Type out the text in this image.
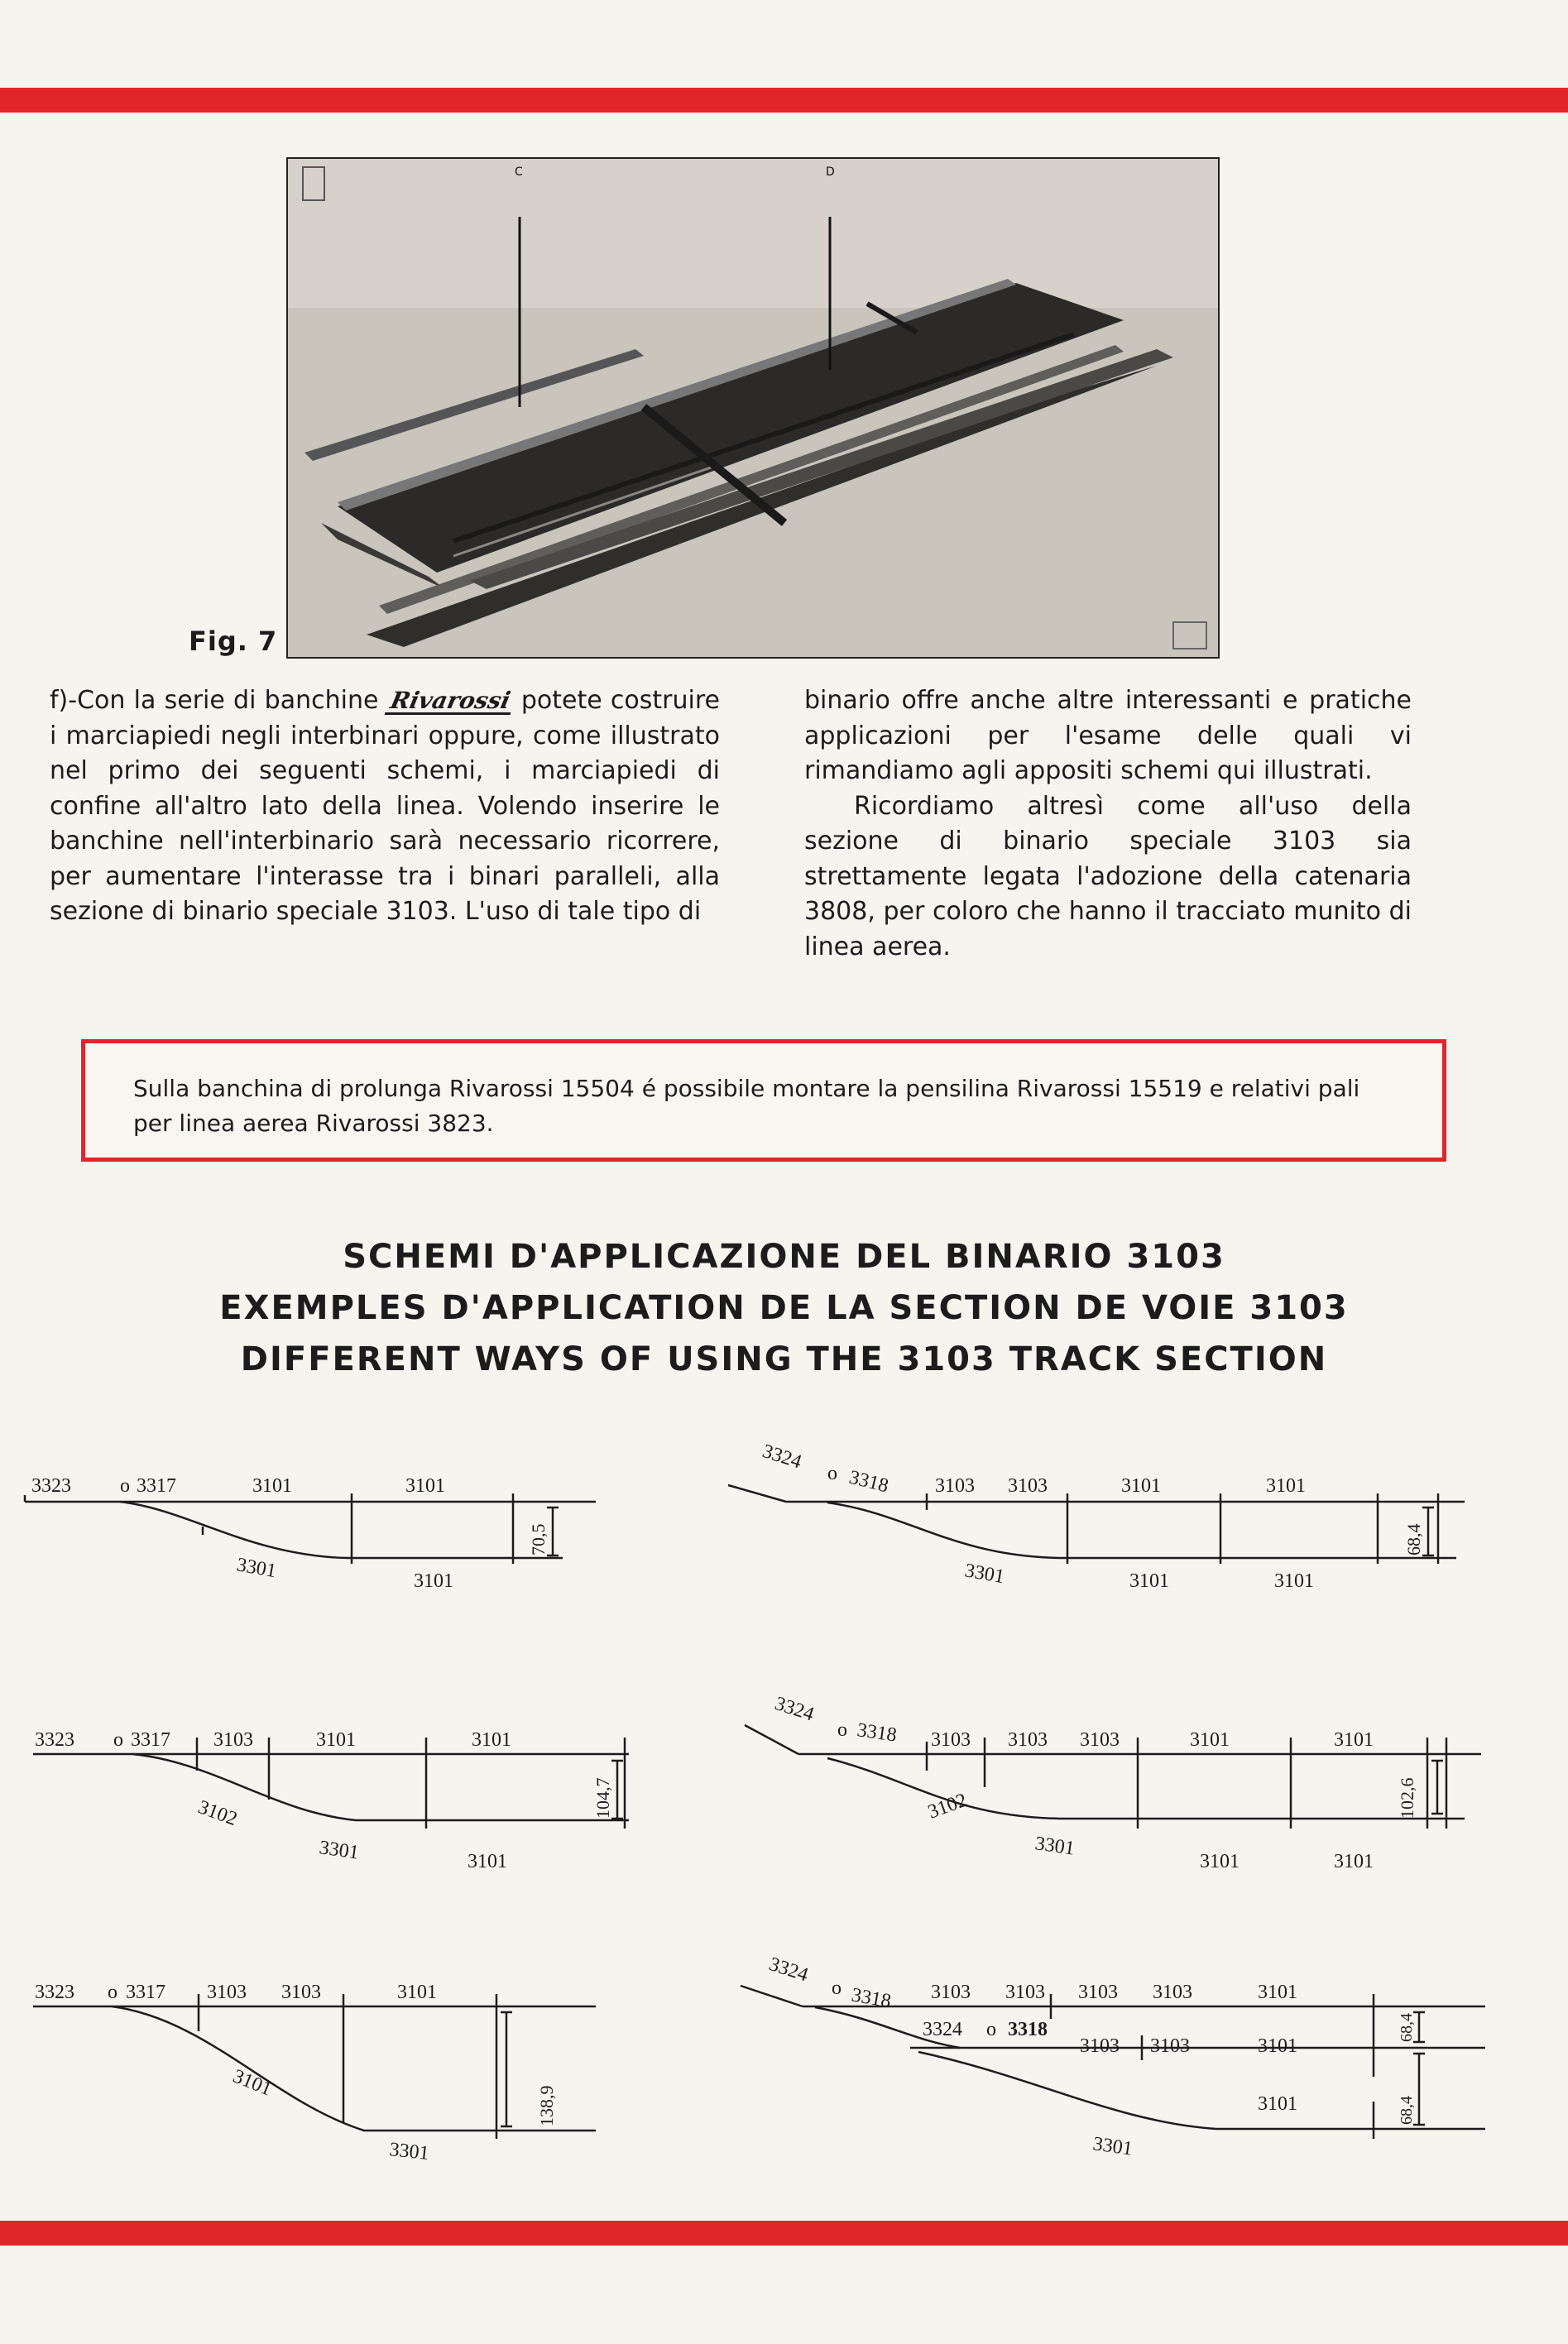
C	D
Fig. 7

f)-Con la serie di banchine Rivarossi potete costruire i marciapiedi negli interbinari oppure, come illustrato nel primo dei seguenti schemi, i marciapiedi di confine all'altro lato della linea. Volendo inserire le banchine nell'interbinario sarà necessario ricorrere, per aumentare l'interasse tra i binari paralleli, alla sezione di binario speciale 3103. L'uso di tale tipo di

binario offre anche altre interessanti e pratiche applicazioni per l'esame delle quali vi rimandiamo agli appositi schemi qui illustrati.

Ricordiamo altresì come all'uso della sezione di binario speciale 3103 sia strettamente legata l'adozione della catenaria 3808, per coloro che hanno il tracciato munito di linea aerea.

Sulla banchina di prolunga Rivarossi 15504 é possibile montare la pensilina Rivarossi 15519 e relativi pali per linea aerea Rivarossi 3823.
SCHEMI D'APPLICAZIONE DEL BINARIO 3103
EXEMPLES D'APPLICATION DE LA SECTION DE VOIE 3103
DIFFERENT WAYS OF USING THE 3103 TRACK SECTION
3323 o 3317	3101	3101
3301	3101
70,5
3323 o 3317 3103	3101	3101
3102
3301	3101
104,7
3323 o 3317 3103 3103	3101
3101
3301
138,9
3324
o 3318 3103 3103	3101	3101
3301	3101	3101
68,4
3324
o 3318 3103 3103 3103	3101	3101
3102
3301
3101	3101
102,6
3324
o 3318 3103 3103 3103 3103	3101
3324 o 3318
3103 3103	3101
3101
3301
68,4
68,4
